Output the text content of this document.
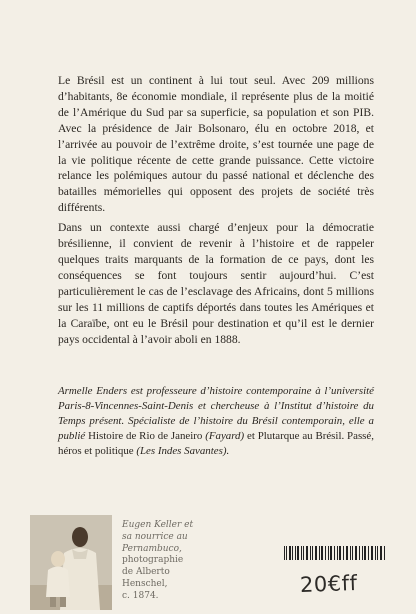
Le Brésil est un continent à lui tout seul. Avec 209 millions d’habitants, 8e économie mondiale, il représente plus de la moitié de l’Amérique du Sud par sa superficie, sa population et son PIB. Avec la présidence de Jair Bolsonaro, élu en octobre 2018, et l’arrivée au pouvoir de l’extrême droite, s’est tournée une page de la vie politique récente de cette grande puissance. Cette victoire relance les polémiques autour du passé national et déclenche des batailles mémorielles qui opposent des projets de société très différents.

Dans un contexte aussi chargé d’enjeux pour la démocratie brésilienne, il convient de revenir à l’histoire et de rappeler quelques traits marquants de la formation de ce pays, dont les conséquences se font toujours sentir aujourd’hui. C’est particulièrement le cas de l’esclavage des Africains, dont 5 millions sur les 11 millions de captifs déportés dans toutes les Amériques et la Caraïbe, ont eu le Brésil pour destination et qu’il est le dernier pays occidental à l’avoir aboli en 1888.

Armelle Enders est professeure d’histoire contemporaine à l’université Paris-8-Vincennes-Saint-Denis et chercheuse à l’Institut d’histoire du Temps présent. Spécialiste de l’histoire du Brésil contemporain, elle a publié Histoire de Rio de Janeiro (Fayard) et Plutarque au Brésil. Passé, héros et politique (Les Indes Savantes).
Eugen Keller et
sa nourrice au
Pernambuco,
photographie
de Alberto
Henschel,
c. 1874.	20€ff
